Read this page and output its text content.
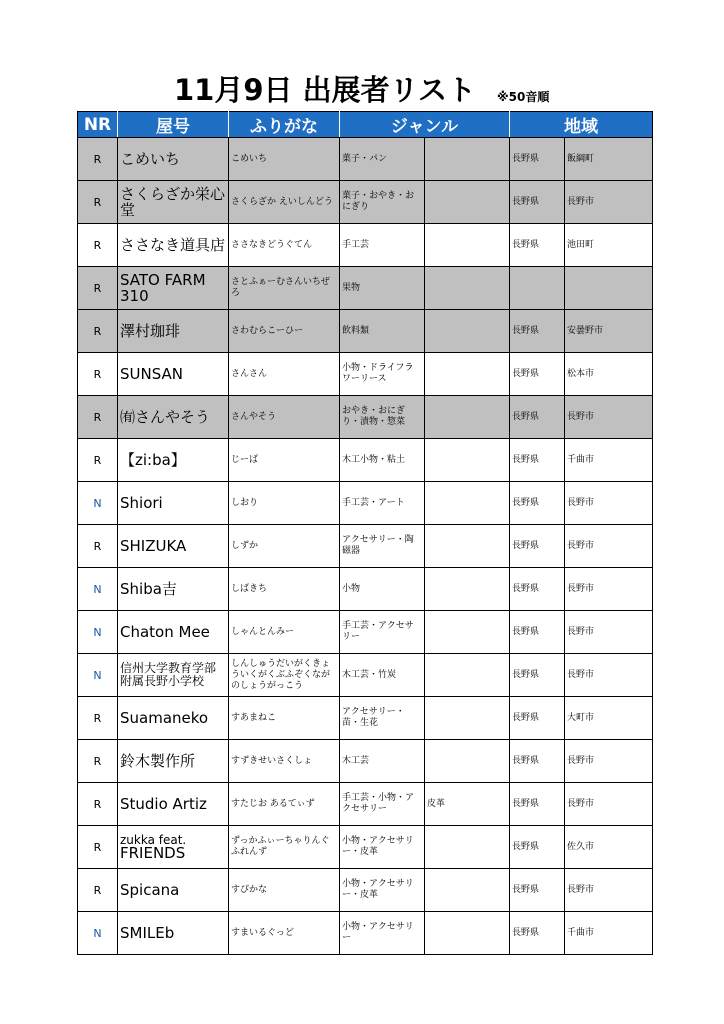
11月9日 出展者リスト ※50音順
NR	屋号	ふりがな	ジャンル		地域	
R	こめいち	こめいち	菓子・パン		長野県	飯綱町
R	さくらざか栄心堂	さくらざか えいしんどう	菓子・おやき・おにぎり		長野県	長野市
R	ささなき道具店	ささなきどうぐてん	手工芸		長野県	池田町
R	SATO FARM 310	さとふぁーむさんいちぜろ	果物			
R	澤村珈琲	さわむらこーひー	飲料類		長野県	安曇野市
R	SUNSAN	さんさん	小物・ドライフラワーリース		長野県	松本市
R	㈲さんやそう	さんやそう	おやき・おにぎり・漬物・惣菜		長野県	長野市
R	【zi:ba】	じーば	木工小物・粘土		長野県	千曲市
N	Shiori	しおり	手工芸・アート		長野県	長野市
R	SHIZUKA	しずか	アクセサリー・陶磁器		長野県	長野市
N	Shiba吉	しばきち	小物		長野県	長野市
N	Chaton Mee	しゃんとんみー	手工芸・アクセサリー		長野県	長野市
N	信州大学教育学部附属長野小学校	しんしゅうだいがくきょういくがくぶふぞくながのしょうがっこう	木工芸・竹炭		長野県	長野市
R	Suamaneko	すあまねこ	アクセサリー・苗・生花		長野県	大町市
R	鈴木製作所	すずきせいさくしょ	木工芸		長野県	長野市
R	Studio Artiz	すたじお あるてぃず	手工芸・小物・アクセサリー	皮革	長野県	長野市
R	zukka feat.
FRIENDS	ずっかふぃーちゃりんぐふれんず	小物・アクセサリー・皮革		長野県	佐久市
R	Spicana	すぴかな	小物・アクセサリー・皮革		長野県	長野市
N	SMILEb	すまいるぐっど	小物・アクセサリー		長野県	千曲市
